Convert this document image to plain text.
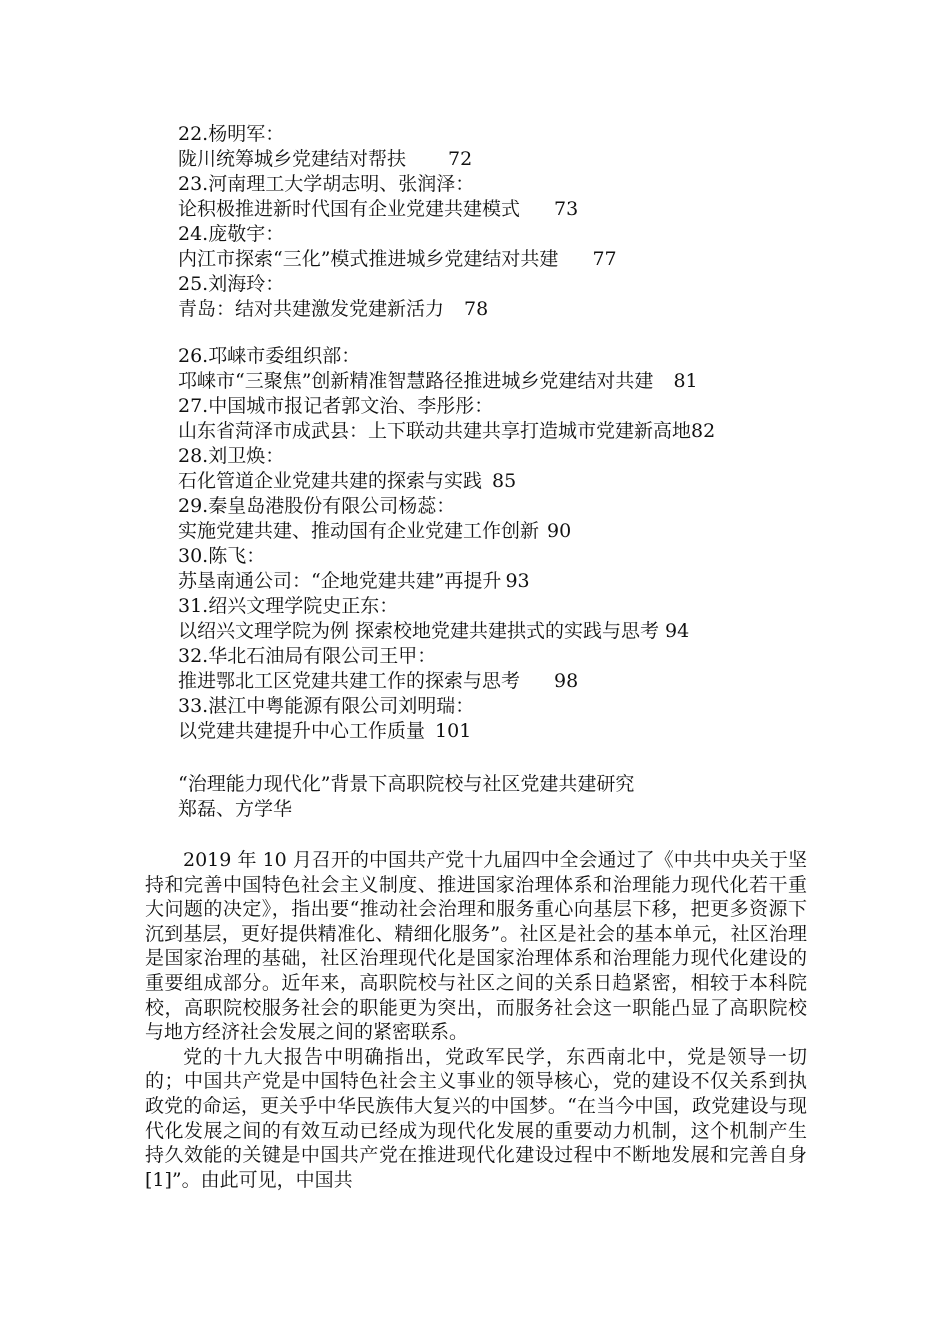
22.杨明军：
陇川统筹城乡党建结对帮扶 72
23.河南理工大学胡志明、张润泽：
论积极推进新时代国有企业党建共建模式 73
24.庞敬宇：
内江市探索“三化”模式推进城乡党建结对共建 77
25.刘海玲：
青岛：结对共建激发党建新活力 78
26.邛崃市委组织部：
邛崃市“三聚焦”创新精准智慧路径推进城乡党建结对共建 81
27.中国城市报记者郭文治、李彤彤：
山东省菏泽市成武县：上下联动共建共享打造城市党建新高地82
28.刘卫焕：
石化管道企业党建共建的探索与实践 85
29.秦皇岛港股份有限公司杨蕊：
实施党建共建、推动国有企业党建工作创新 90
30.陈飞：
苏垦南通公司：“企地党建共建”再提升 93
31.绍兴文理学院史正东：
以绍兴文理学院为例 探索校地党建共建拱式的实践与思考 94
32.华北石油局有限公司王甲：
推进鄂北工区党建共建工作的探索与思考 98
33.湛江中粤能源有限公司刘明瑞：
以党建共建提升中心工作质量 101
“治理能力现代化”背景下高职院校与社区党建共建研究
郑磊、方学华

2019 年 10 月召开的中国共产党十九届四中全会通过了《中共中央关于坚持和完善中国特色社会主义制度、推进国家治理体系和治理能力现代化若干重大问题的决定》，指出要“推动社会治理和服务重心向基层下移，把更多资源下沉到基层，更好提供精准化、精细化服务”。社区是社会的基本单元，社区治理是国家治理的基础，社区治理现代化是国家治理体系和治理能力现代化建设的重要组成部分。近年来，高职院校与社区之间的关系日趋紧密，相较于本科院校，高职院校服务社会的职能更为突出，而服务社会这一职能凸显了高职院校与地方经济社会发展之间的紧密联系。

党的十九大报告中明确指出，党政军民学，东西南北中，党是领导一切的；中国共产党是中国特色社会主义事业的领导核心，党的建设不仅关系到执政党的命运，更关乎中华民族伟大复兴的中国梦。“在当今中国，政党建设与现代化发展之间的有效互动已经成为现代化发展的重要动力机制，这个机制产生持久效能的关键是中国共产党在推进现代化建设过程中不断地发展和完善自身[1]”。由此可见，中国共
